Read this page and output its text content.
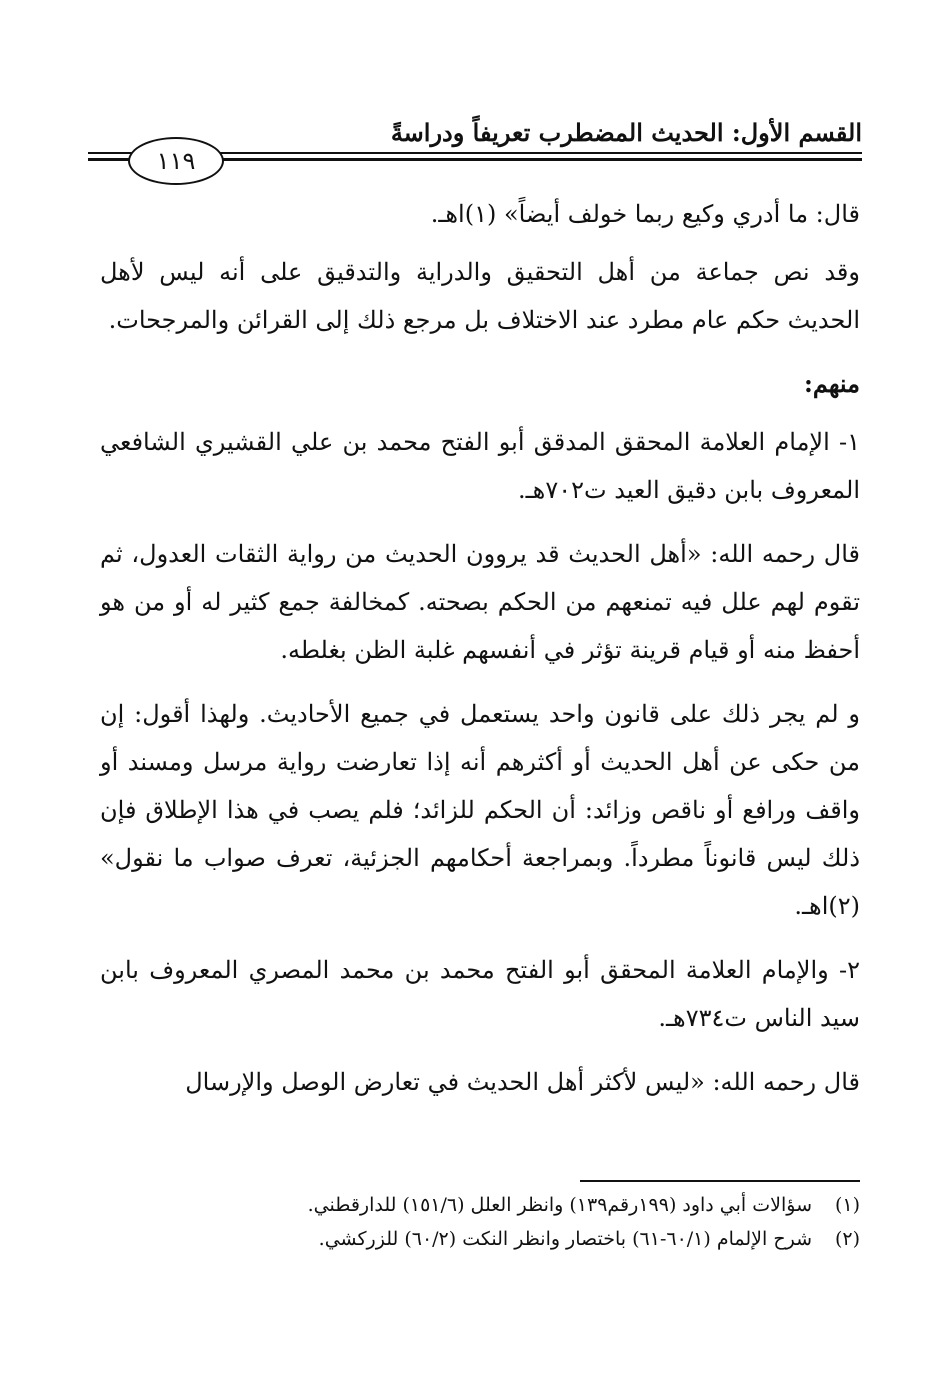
القسم الأول: الحديث المضطرب تعريفاً ودراسةً
١١٩

قال: ما أدري وكيع ربما خولف أيضاً» (١)اهـ.

وقد نص جماعة من أهل التحقيق والدراية والتدقيق على أنه ليس لأهل الحديث حكم عام مطرد عند الاختلاف بل مرجع ذلك إلى القرائن والمرجحات.

منهم:

١- الإمام العلامة المحقق المدقق أبو الفتح محمد بن علي القشيري الشافعي المعروف بابن دقيق العيد ت٧٠٢هـ.

قال رحمه الله: «أهل الحديث قد يروون الحديث من رواية الثقات العدول، ثم تقوم لهم علل فيه تمنعهم من الحكم بصحته. كمخالفة جمع كثير له أو من هو أحفظ منه أو قيام قرينة تؤثر في أنفسهم غلبة الظن بغلطه.

و لم يجر ذلك على قانون واحد يستعمل في جميع الأحاديث. ولهذا أقول: إن من حكى عن أهل الحديث أو أكثرهم أنه إذا تعارضت رواية مرسل ومسند أو واقف ورافع أو ناقص وزائد: أن الحكم للزائد؛ فلم يصب في هذا الإطلاق فإن ذلك ليس قانوناً مطرداً. وبمراجعة أحكامهم الجزئية، تعرف صواب ما نقول» (٢)اهـ.

٢- والإمام العلامة المحقق أبو الفتح محمد بن محمد المصري المعروف بابن سيد الناس ت٧٣٤هـ.

قال رحمه الله: «ليس لأكثر أهل الحديث في تعارض الوصل والإرسال

(١)سؤالات أبي داود (١٩٩رقم١٣٩) وانظر العلل (١٥١/٦) للدارقطني.
(٢)شرح الإلمام (٦٠/١-٦١) باختصار وانظر النكت (٦٠/٢) للزركشي.
